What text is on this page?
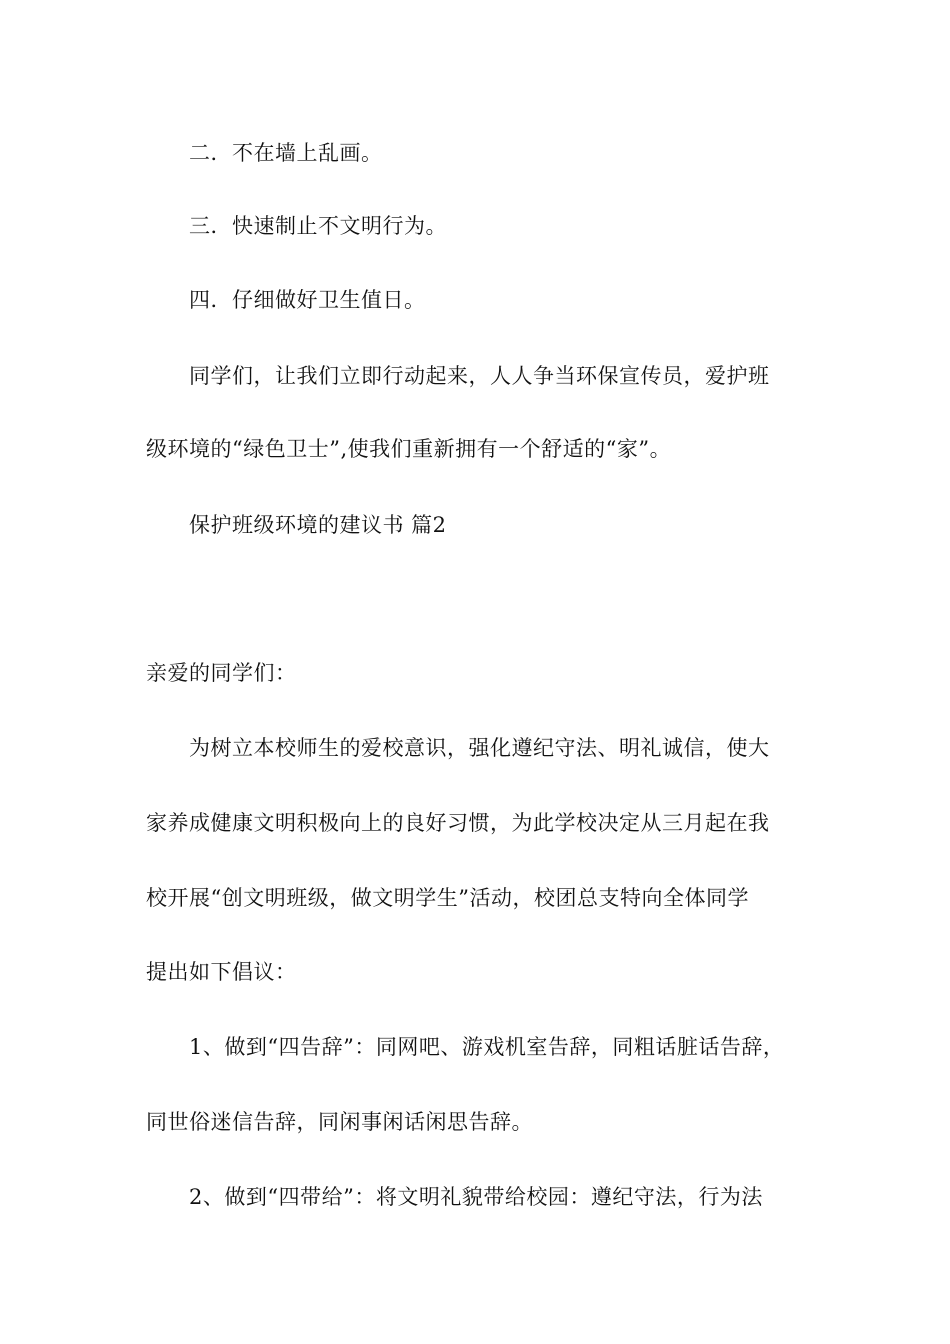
二．不在墙上乱画。
三．快速制止不文明行为。
四．仔细做好卫生值日。
同学们，让我们立即行动起来，人人争当环保宣传员，爱护班
级环境的“绿色卫士”,使我们重新拥有一个舒适的“家”。
保护班级环境的建议书 篇2
亲爱的同学们：
为树立本校师生的爱校意识，强化遵纪守法、明礼诚信，使大
家养成健康文明积极向上的良好习惯，为此学校决定从三月起在我
校开展“创文明班级，做文明学生”活动，校团总支特向全体同学
提出如下倡议：
1、做到“四告辞”：同网吧、游戏机室告辞，同粗话脏话告辞，
同世俗迷信告辞，同闲事闲话闲思告辞。
2、做到“四带给”：将文明礼貌带给校园：遵纪守法，行为法
